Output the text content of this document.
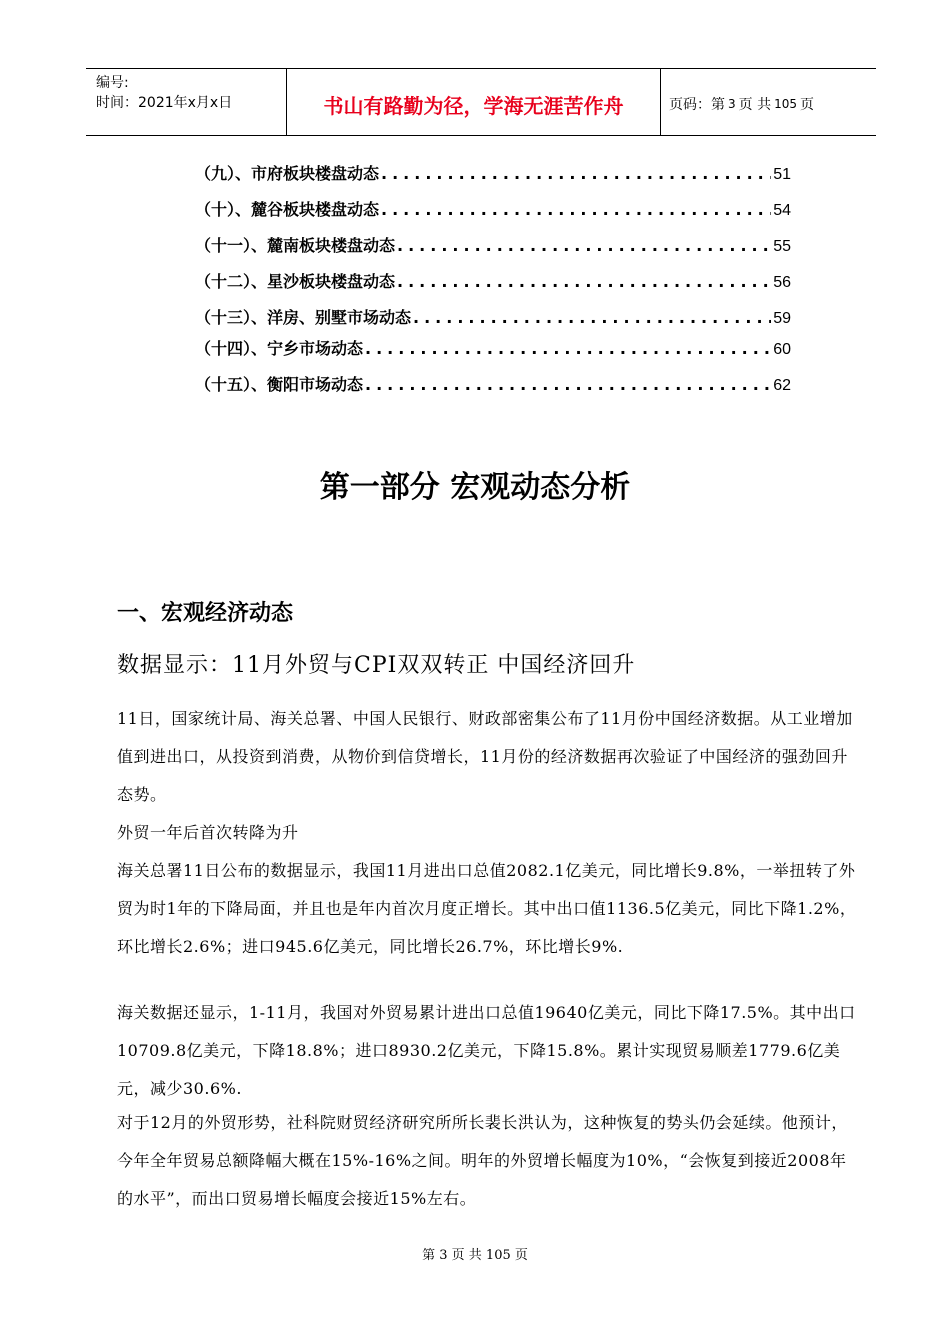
编号:
时间：2021年x月x日	书山有路勤为径，学海无涯苦作舟	页码：第 3 页 共 105 页
（九）、市府板块楼盘动态 .....	51
（十）、麓谷板块楼盘动态 .....	54
（十一）、麓南板块楼盘动态 .....	55
（十二）、星沙板块楼盘动态 .....	56
（十三）、洋房、别墅市场动态 .....	59
（十四）、宁乡市场动态 .....	60
（十五）、衡阳市场动态 .....	62
第一部分 宏观动态分析
一、宏观经济动态
数据显示：11月外贸与CPI双双转正 中国经济回升

11日，国家统计局、海关总署、中国人民银行、财政部密集公布了11月份中国经济数据。从工业增加值到进出口，从投资到消费，从物价到信贷增长，11月份的经济数据再次验证了中国经济的强劲回升态势。

外贸一年后首次转降为升

海关总署11日公布的数据显示，我国11月进出口总值2082.1亿美元，同比增长9.8%，一举扭转了外贸为时1年的下降局面，并且也是年内首次月度正增长。其中出口值1136.5亿美元，同比下降1.2%，环比增长2.6%；进口945.6亿美元，同比增长26.7%，环比增长9%.

海关数据还显示，1-11月，我国对外贸易累计进出口总值19640亿美元，同比下降17.5%。其中出口10709.8亿美元，下降18.8%；进口8930.2亿美元，下降15.8%。累计实现贸易顺差1779.6亿美元，减少30.6%.

对于12月的外贸形势，社科院财贸经济研究所所长裴长洪认为，这种恢复的势头仍会延续。他预计，今年全年贸易总额降幅大概在15%-16%之间。明年的外贸增长幅度为10%，“会恢复到接近2008年的水平”，而出口贸易增长幅度会接近15%左右。

第 3 页 共 105 页
